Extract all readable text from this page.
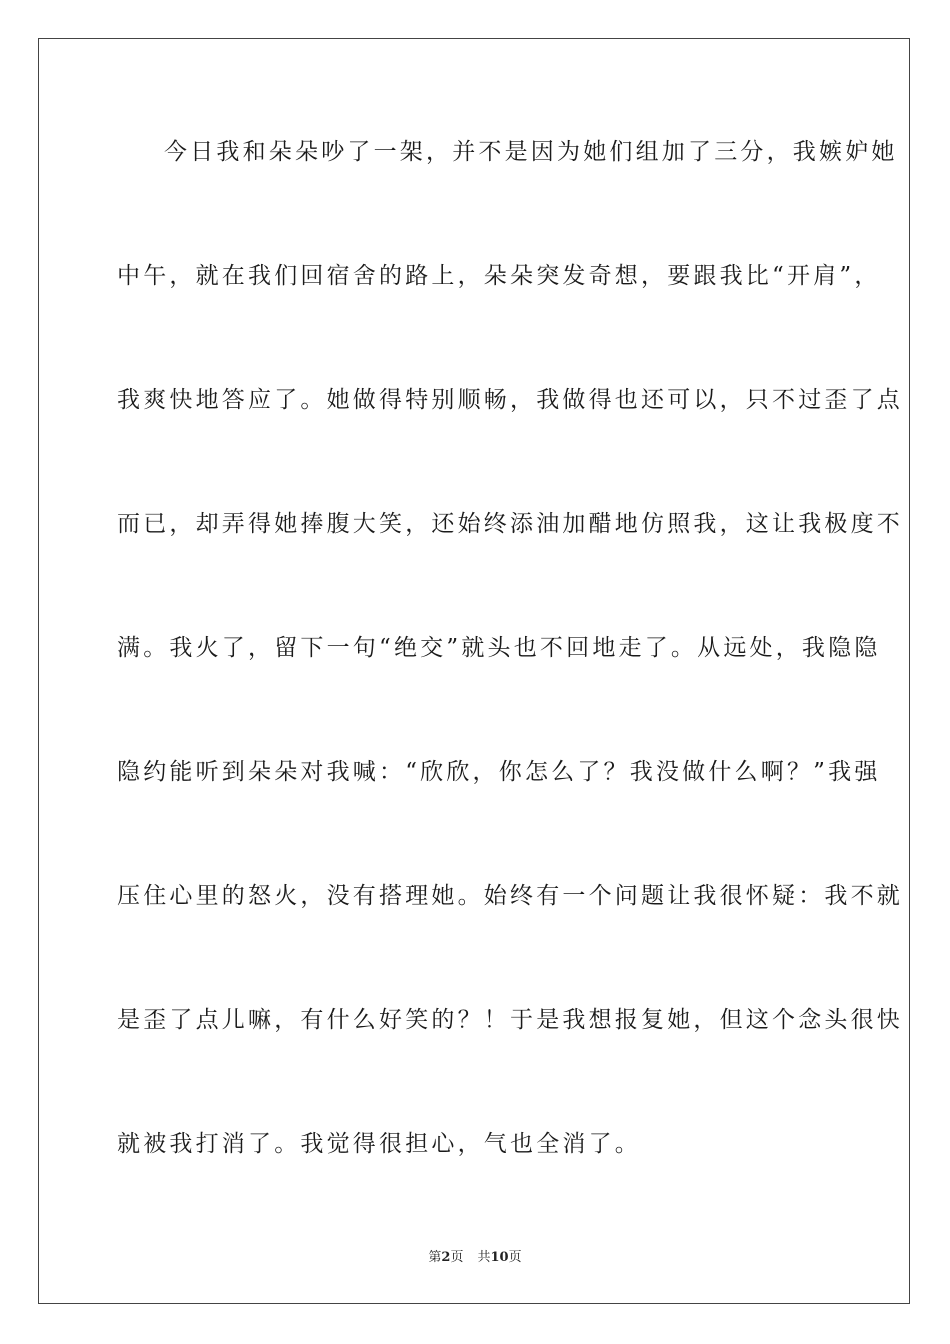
今日我和朵朵吵了一架，并不是因为她们组加了三分，我嫉妒她
中午，就在我们回宿舍的路上，朵朵突发奇想，要跟我比“开肩”，
我爽快地答应了。她做得特别顺畅，我做得也还可以，只不过歪了点
而已，却弄得她捧腹大笑，还始终添油加醋地仿照我，这让我极度不
满。我火了，留下一句“绝交”就头也不回地走了。从远处，我隐隐
隐约能听到朵朵对我喊：“欣欣，你怎么了？我没做什么啊？”我强
压住心里的怒火，没有搭理她。始终有一个问题让我很怀疑：我不就
是歪了点儿嘛，有什么好笑的？！于是我想报复她，但这个念头很快
就被我打消了。我觉得很担心，气也全消了。
第2页 共10页
